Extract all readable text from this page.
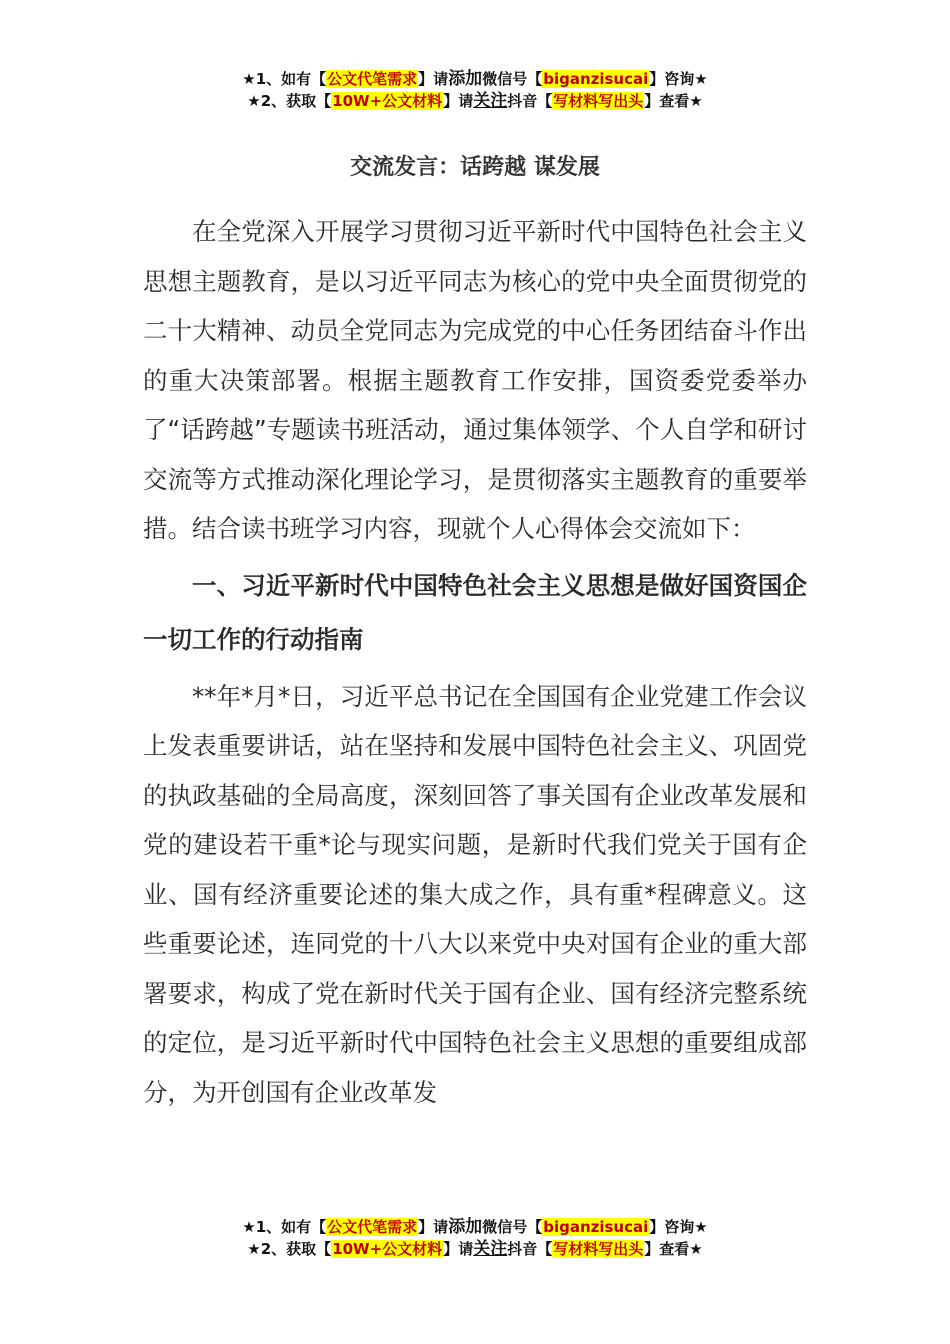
★1、如有【公文代笔需求】请添加微信号【biganzisucai】咨询★
★2、获取【10W+公文材料】请关注抖音【写材料写出头】查看★
交流发言：话跨越 谋发展

在全党深入开展学习贯彻习近平新时代中国特色社会主义思想主题教育，是以习近平同志为核心的党中央全面贯彻党的二十大精神、动员全党同志为完成党的中心任务团结奋斗作出的重大决策部署。根据主题教育工作安排，国资委党委举办了“话跨越”专题读书班活动，通过集体领学、个人自学和研讨交流等方式推动深化理论学习，是贯彻落实主题教育的重要举措。结合读书班学习内容，现就个人心得体会交流如下：

一、习近平新时代中国特色社会主义思想是做好国资国企一切工作的行动指南

**年*月*日，习近平总书记在全国国有企业党建工作会议上发表重要讲话，站在坚持和发展中国特色社会主义、巩固党的执政基础的全局高度，深刻回答了事关国有企业改革发展和党的建设若干重*论与现实问题，是新时代我们党关于国有企业、国有经济重要论述的集大成之作，具有重*程碑意义。这些重要论述，连同党的十八大以来党中央对国有企业的重大部署要求，构成了党在新时代关于国有企业、国有经济完整系统的定位，是习近平新时代中国特色社会主义思想的重要组成部分，为开创国有企业改革发

★1、如有【公文代笔需求】请添加微信号【biganzisucai】咨询★
★2、获取【10W+公文材料】请关注抖音【写材料写出头】查看★
